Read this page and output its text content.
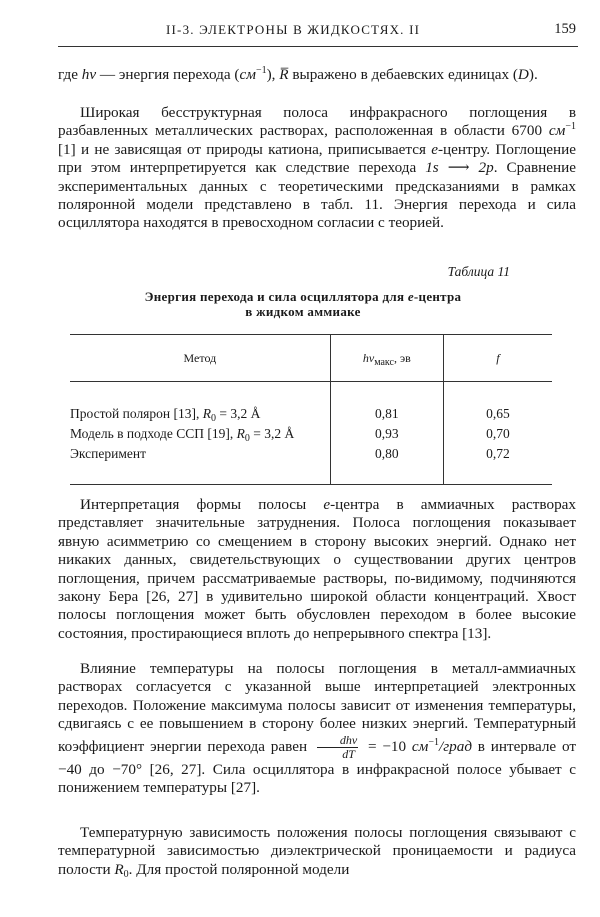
II-3. ЭЛЕКТРОНЫ В ЖИДКОСТЯХ. II	159

где hν — энергия перехода $(см^{-1})$, R̅ выражено в дебаевских единицах (D).

Широкая бесструктурная полоса инфракрасного поглощения в разбавленных металлических растворах, расположенная в области 6700 $см^{-1}$ [1] и не зависящая от природы катиона, приписывается e-центру. Поглощение при этом интерпретируется как следствие перехода 1s ⟶ 2p. Сравнение экспериментальных данных с теоретическими предсказаниями в рамках поляронной модели представлено в табл. 11. Энергия перехода и сила осциллятора находятся в превосходном согласии с теорией.

Таблица 11
Энергия перехода и сила осциллятора для e-центра
в жидком аммиаке
Метод	$h\nu_{макс}$, эв	f
Простой полярон [13], $R_0 = 3,2$ Å	0,81	0,65
Модель в подходе ССП [19], $R_0 = 3,2$ Å	0,93	0,70
Эксперимент	0,80	0,72

Интерпретация формы полосы e-центра в аммиачных растворах представляет значительные затруднения. Полоса поглощения показывает явную асимметрию со смещением в сторону высоких энергий. Однако нет никаких данных, свидетельствующих о существовании других центров поглощения, причем рассматриваемые растворы, по-видимому, подчиняются закону Бера [26, 27] в удивительно широкой области концентраций. Хвост полосы поглощения может быть обусловлен переходом в более высокие состояния, простирающиеся вплоть до непрерывного спектра [13].

Влияние температуры на полосы поглощения в металл-аммиачных растворах согласуется с указанной выше интерпретацией электронных переходов. Положение максимума полосы зависит от изменения температуры, сдвигаясь с ее повышением в сторону более низких энергий. Температурный коэффициент энергии перехода равен $\frac{\text{dhν}}{dT} = -10$ $см^{-1}$/град в интервале от −40 до −70° [26, 27]. Сила осциллятора в инфракрасной полосе убывает с понижением температуры [27].

Температурную зависимость положения полосы поглощения связывают с температурной зависимостью диэлектрической проницаемости и радиуса полости $R_0$. Для простой поляронной модели
